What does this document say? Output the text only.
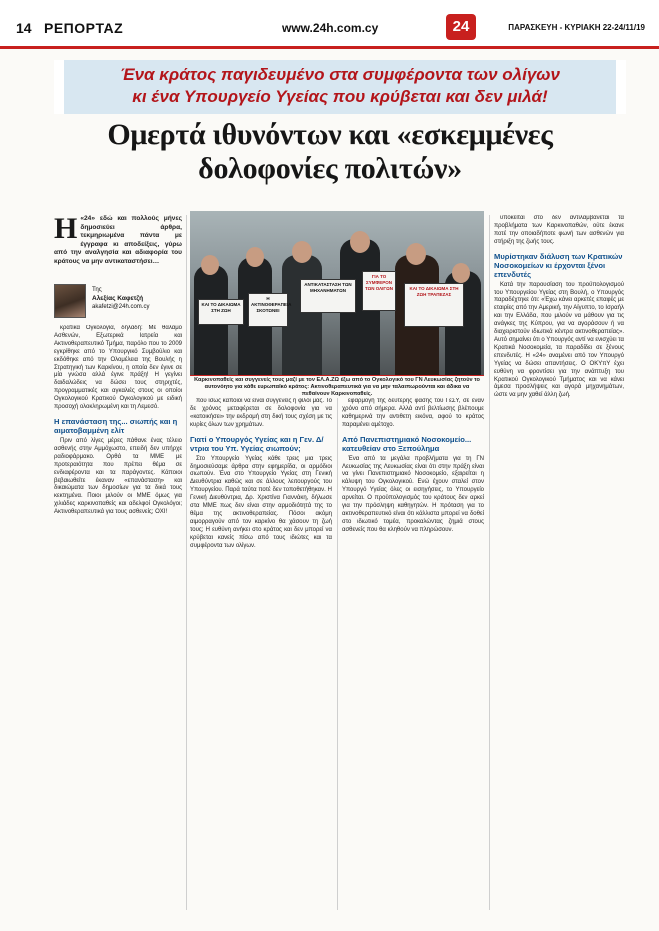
14 ΡΕΠΟΡΤΑΖ	www.24h.com.cy	24	ΠΑΡΑΣΚΕΥΗ - ΚΥΡΙΑΚΗ 22-24/11/19
Ένα κράτος παγιδευμένο στα συμφέροντα των ολίγων
κι ένα Υπουργείο Υγείας που κρύβεται και δεν μιλά!
Ομερτά ιθυνόντων και «εσκεμμένες
δολοφονίες πολιτών»
Η «24» εδώ και πολλούς μήνες δημοσιεύει άρθρα, τεκμηριωμένα πάντα με έγγραφα κι αποδείξεις, γύρω από την αναλγησία και αδιαφορία του κράτους να μην αντικαταστήσει…
Της
Αλεξίας Καφετζή
akafetzi@24h.com.cy

κρατικά Ογκολογία, δηλαδή: Με θάλαμο Ασθενών, Εξωτερικά Ιατρεία και Ακτινοθεραπευτικό Τμήμα, παρόλο που το 2009 εγκρίθηκε από το Υπουργικό Συμβούλιο και εκδόθηκε από την Ολομέλεια της Βουλής η Στρατηγική των Καρκίνου, η οποία δεν έγινε σε μία γνώσα αλλά έγινε πράξη! Η γεγίνει δαιδαλώδεις να δώσει τους στηριχτές, προγραμματικές και αγκαλιές στους οι οποίοι Ογκολογικού Κρατικού Ογκολογικού με ειδική προσοχή ολοκληρωμένη και τη Λεμεσό.

Η επανάσταση της... σιωπής και η αιματοβαμμένη ελίτ

Πριν από λίγες μέρες πάθανε ένας τέλειο ασθενής στην Αμμόχωστο, επειδή δεν υπήρχε ραδιοφάρμακο. Ορθά τα ΜΜΕ με προτεραιότητα που πρέπει θέμα σε ενδιαφέροντα και τα παράγοντες. Κάποιοι βεβαιωθείτε έκαναν «επανάσταση» και δικαιώματα των δημοσίων για τα δικά τους κεκτημένα. Ποιοι μιλούν οι ΜΜΕ όμως για χιλιάδες καρκινοπαθείς και αδελφοί Ογκολόγοι; Ακτινοθεραπευτικά για τους ασθενείς; ΟΧΙ!

ΚΑΙ ΤΟ ΔΙΚΑΙΩΜΑ ΣΤΗ ΖΩΗ
Η ΑΚΤΙΝΟΘΕΡΑΠΕΙΑ ΣΚΟΤΩΝΕΙ
ΑΝΤΙΚΑΤΑΣΤΑΣΗ ΤΩΝ ΜΗΧΑΝΗΜΑΤΩΝ
ΓΙΑ ΤΟ ΣΥΜΦΕΡΟΝ ΤΩΝ ΟΛΙΓΩΝ	ΚΑΙ ΤΟ ΔΙΚΑΙΩΜΑ ΣΤΗ ΖΩΗ ΤΡΑΠΕΖΑΣ
Καρκινοπαθείς και συγγενείς τους μαζί με τον ΕΛ.Α.ΖΩ έξω από το Ογκολογικό του ΓΝ Λευκωσίας ζητούν το αυτονόητο για κάθε ευρωπαϊκό κράτος: Ακτινοθεραπευτικά για να μην ταλαιπωρούνται και άδικα να πεθαίνουν Καρκινοπαθείς.

που ίσως κάποιοι να είναι συγγενείς ή φίλοι μας. Το δε χρόνος μεταφέρεται σε δολοφονία για να «κατοικήσει» την εκδρομή στη δική τους σχέση με τις κυρίες όλων των χρημάτων.

Γιατί ο Υπουργός Υγείας και η Γεν. Δ/ντρια του Υπ. Υγείας σιωπούν;

Στο Υπουργείο Υγείας κάθε τρεις μια τρεις δημοσιεύσαμε άρθρα στην εφημερίδα, οι αρμόδιοι σιωπούν. Ένα στο Υπουργείο Υγείας στη Γενική Διευθύντρια καθώς και σε άλλους λειτουργούς του Υπουργείου. Παρά ταύτα ποτέ δεν τοποθετήθηκαν. Η Γενική Διευθύντρια, Δρ. Χριστίνα Γιαννάκη, δήλωσε στα ΜΜΕ πως δεν είναι στην αρμοδιότητά της το θέμα της ακτινοθεραπείας. Πόσοι ακόμη αιμορραγούν από τον καρκίνο θα χάσουν τη ζωή τους; Η ευθύνη ανήκει στο κράτος και δεν μπορεί να κρύβεται κανείς πίσω από τους ιδιώτες και τα συμφέροντα των ολίγων.

εφαρμογή της δεύτερης φάσης του ΓεΣΥ, σε έναν χρόνο από σήμερα. Αλλά αντί βελτίωσης βλέπουμε καθημερινά την αντιθετη εικόνα, αφού το κράτος παραμένει αμέτοχο.

Από Πανεπιστημιακό Νοσοκομείο... κατευθείαν στο Ξεπούλημα

Ένα από τα μεγάλα προβλήματα για τη ΓΝ Λευκωσίας της Λευκωσίας είναι ότι στην πράξη είναι να γίνει Πανεπιστημιακό Νοσοκομείο, εξαιρείται η κάλυψη του Ογκολογικού. Ενώ έχουν σταλεί στον Υπουργό Υγείας όλες οι εισηγήσεις, το Υπουργείο αρνείται. Ο προϋπολογισμός του κράτους δεν αρκεί για την πρόσληψη καθηγητών. Η πρόταση για το ακτινοθεραπευτικό είναι ότι κάλλιστα μπορεί να δοθεί στο ιδιωτικό τομέα, προκαλώντας ζημιά στους ασθενείς που θα κληθούν να πληρώσουν.

υποκείται στο δεν αντιλαμβάνεται τα προβλήματα των Καρκινοπαθών, ούτε έκανε ποτέ την οποιαδήποτε φωνή των ασθενών για στήριξη της ζωής τους.

Μυρίστηκαν διάλυση των Κρατικών Νοσοκομείων κι έρχονται ξένοι επενδυτές

Κατά την παρουσίαση του προϋπολογισμού του Υπουργείου Υγείας στη Βουλή, ο Υπουργός παραδέχτηκε ότι: «Έχω κάνει αρκετές επαφές με εταιρίες από την Αμερική, την Αίγυπτο, το Ισραήλ και την Ελλάδα, που μιλούν να μάθουν για τις ανάγκες της Κύπρου, για να αγοράσουν ή να διαχειριστούν ιδιωτικά κέντρα ακτινοθεραπείας». Αυτό σημαίνει ότι ο Υπουργός αντί να ενισχύει τα Κρατικά Νοσοκομεία, τα παραδίδει σε ξένους επενδυτές. Η «24» αναμένει από τον Υπουργό Υγείας να δώσει απαντήσεις. Ο ΟΚΥπΥ έχει ευθύνη να φροντίσει για την ανάπτυξη του Κρατικού Ογκολογικού Τμήματος και να κάνει άμεσα προσλήψεις και αγορά μηχανημάτων, ώστε να μην χαθεί άλλη ζωή.
